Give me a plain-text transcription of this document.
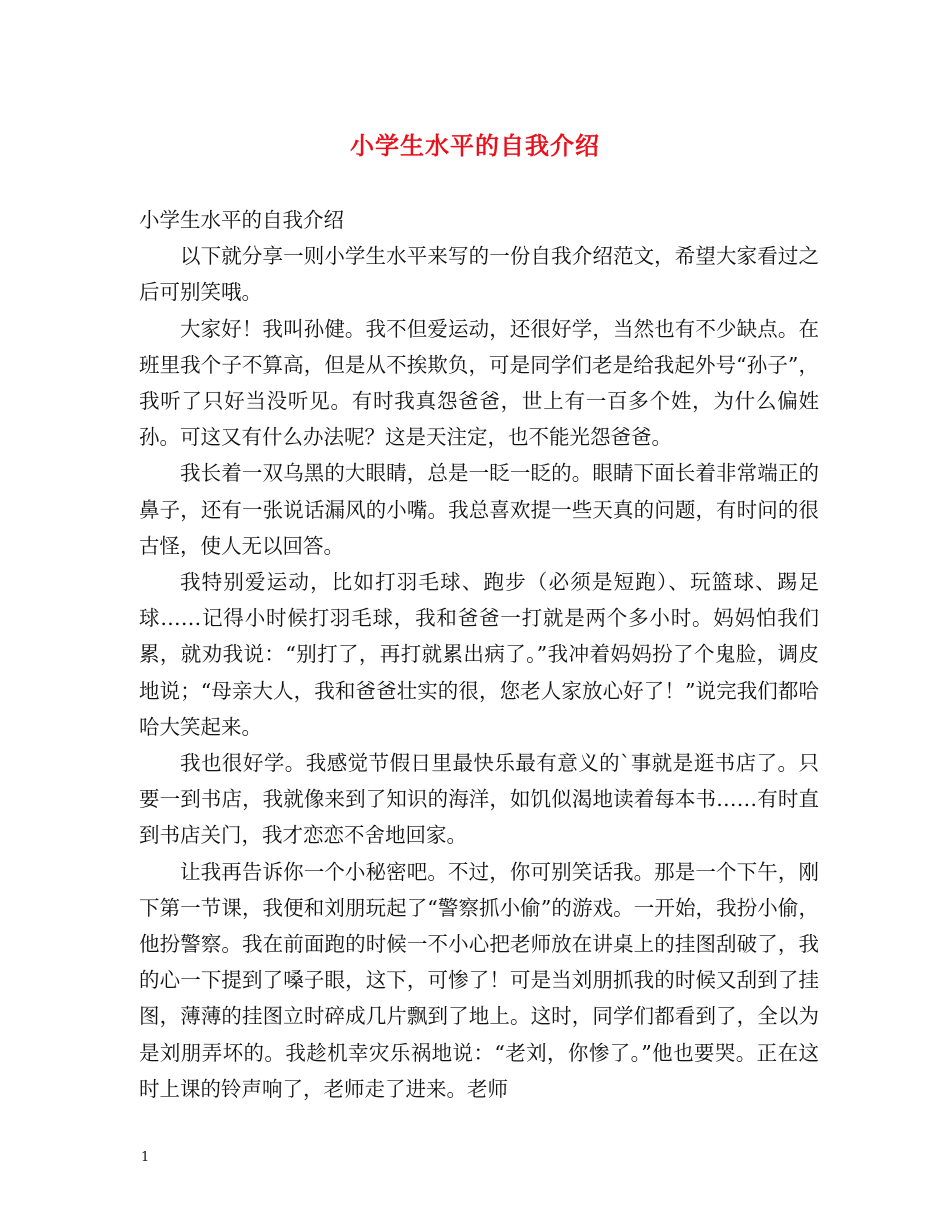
小学生水平的自我介绍

小学生水平的自我介绍

以下就分享一则小学生水平来写的一份自我介绍范文，希望大家看过之后可别笑哦。

大家好！我叫孙健。我不但爱运动，还很好学，当然也有不少缺点。在班里我个子不算高，但是从不挨欺负，可是同学们老是给我起外号“孙子”，我听了只好当没听见。有时我真怨爸爸，世上有一百多个姓，为什么偏姓孙。可这又有什么办法呢？这是天注定，也不能光怨爸爸。

我长着一双乌黑的大眼睛，总是一眨一眨的。眼睛下面长着非常端正的鼻子，还有一张说话漏风的小嘴。我总喜欢提一些天真的问题，有时问的很古怪，使人无以回答。

我特别爱运动，比如打羽毛球、跑步（必须是短跑）、玩篮球、踢足球……记得小时候打羽毛球，我和爸爸一打就是两个多小时。妈妈怕我们累，就劝我说：“别打了，再打就累出病了。”我冲着妈妈扮了个鬼脸，调皮地说；“母亲大人，我和爸爸壮实的很，您老人家放心好了！”说完我们都哈哈大笑起来。

我也很好学。我感觉节假日里最快乐最有意义的`事就是逛书店了。只要一到书店，我就像来到了知识的海洋，如饥似渴地读着每本书……有时直到书店关门，我才恋恋不舍地回家。

让我再告诉你一个小秘密吧。不过，你可别笑话我。那是一个下午，刚下第一节课，我便和刘朋玩起了“警察抓小偷”的游戏。一开始，我扮小偷，他扮警察。我在前面跑的时候一不小心把老师放在讲桌上的挂图刮破了，我的心一下提到了嗓子眼，这下，可惨了！可是当刘朋抓我的时候又刮到了挂图，薄薄的挂图立时碎成几片飘到了地上。这时，同学们都看到了，全以为是刘朋弄坏的。我趁机幸灾乐祸地说：“老刘，你惨了。”他也要哭。正在这时上课的铃声响了，老师走了进来。老师

1
